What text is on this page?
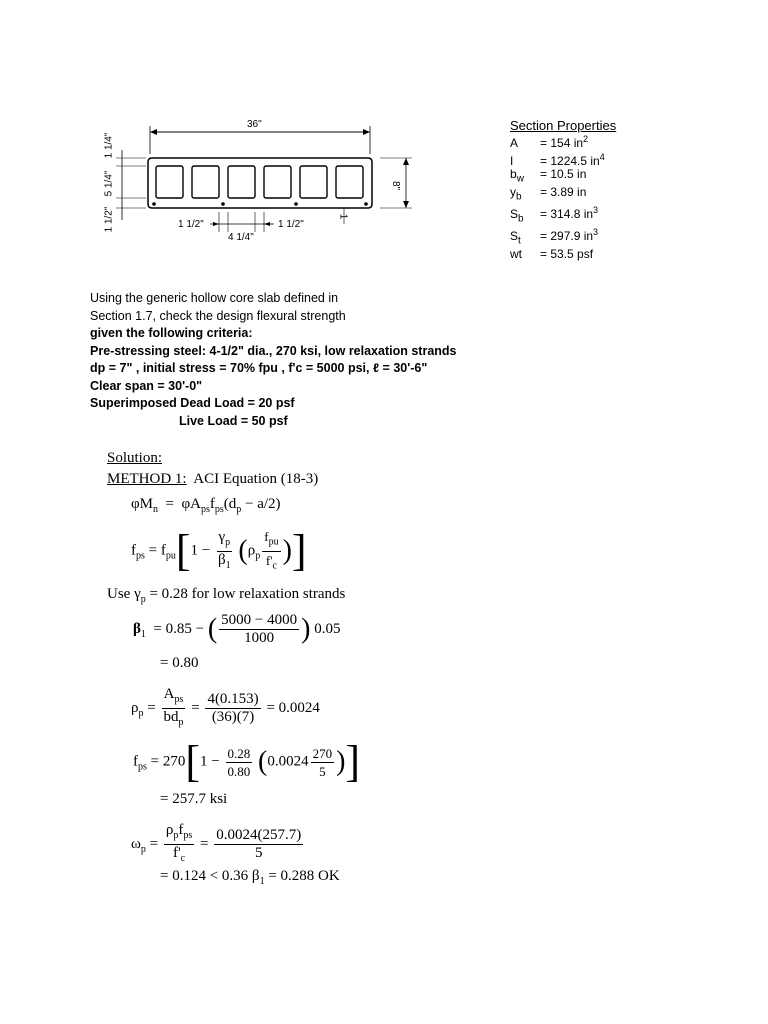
36"
8"
1 1/2"
5 1/4"
1 1/4"
1 1/2"
4 1/4"
1 1/2"
1
Section Properties
A = 154 $in^2$
I = 1224.5 $in^4$
$b_w = 10.5$ in
$y_b = 3.89$ in
$S_b = 314.8$ $in^3$
$S_t = 297.9$ $in^3$
wt = 53.5 psf
Using the generic hollow core slab defined in
Section 1.7, check the design flexural strength
given the following criteria:
Pre-stressing steel: 4-1/2" dia., 270 ksi, low relaxation strands
dp = 7" , initial stress = 70% fpu , f'c = 5000 psi, ℓ = 30'-6"
Clear span = 30'-0"
Superimposed Dead Load = 20 psf
Live Load = 50 psf
Solution:
METHOD 1: ACI Equation (18-3)
$\varphi M_n = \varphi A_{ps}f_{ps}(d_p - a/2)$
$f_{ps} = f_{pu}[1 - \frac{\gamma_p}{\beta_1} (\rho_p \frac{f_{pu}}{f'_c}$ )]
Use $\gamma_p = 0.28$ for low relaxation strands
$\beta_1 = 0.85$ − ( $\frac{5000 - 4000}{1000}$ ) 0.05
= 0.80
$\rho_p = \frac{A_{ps}}{bd_p} = \frac{4(0.153)}{(36)(7)} = 0.0024$
$f_{ps} = 270[1 - \frac{0.28}{0.80} (0.0024 \frac{270}{5}$ )]
= 257.7 ksi
$\omega_p = \frac{\rho_pf_{ps}}{f'_c} = \frac{0.0024(257.7)}{5}$
= 0.124 < 0.36 $\beta_1 = 0.288$ OK
